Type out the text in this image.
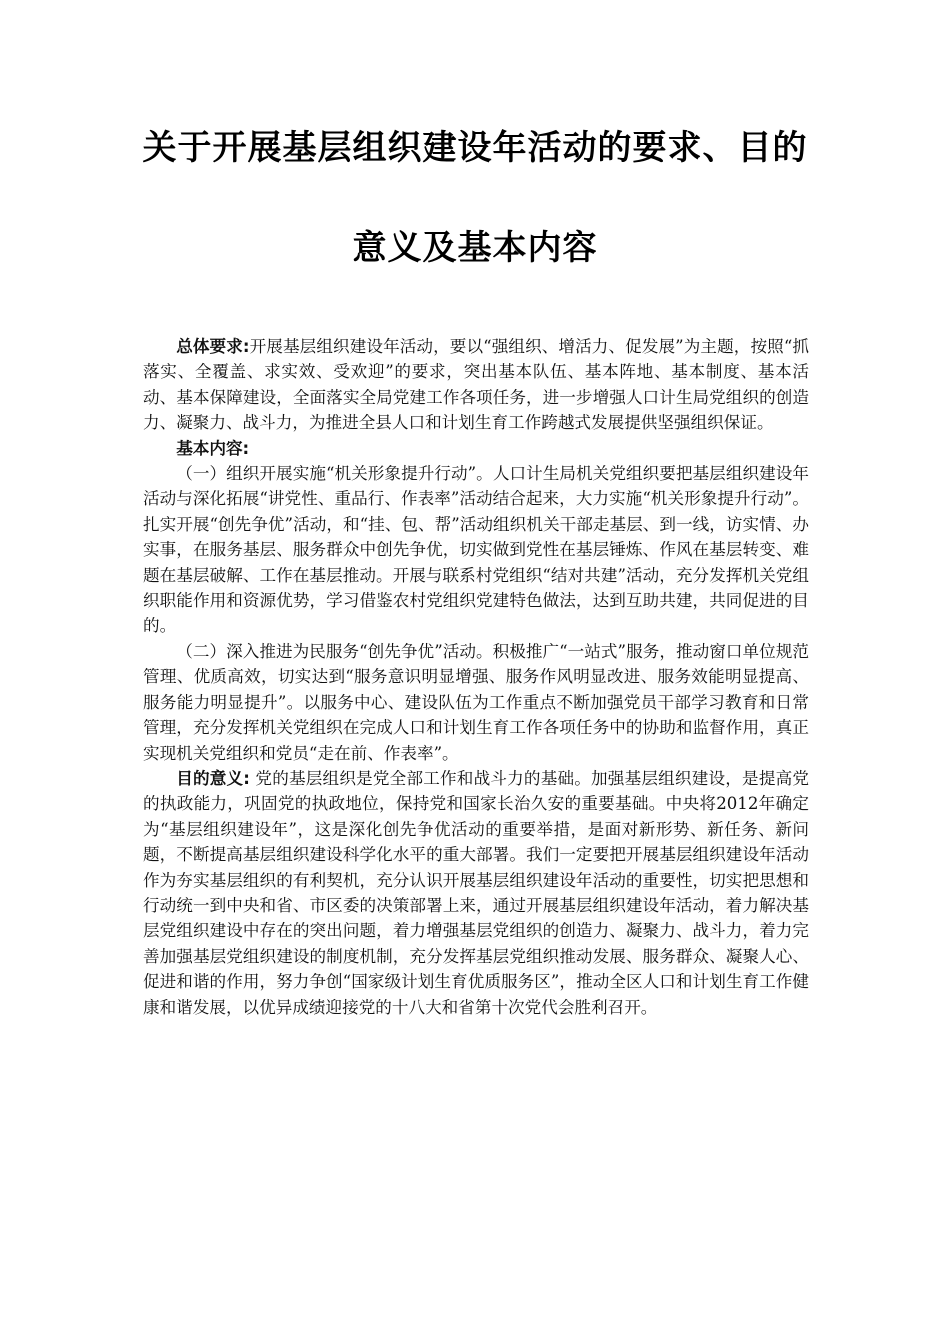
关于开展基层组织建设年活动的要求、目的
意义及基本内容

总体要求:开展基层组织建设年活动，要以“强组织、增活力、促发展”为主题，按照“抓落实、全覆盖、求实效、受欢迎”的要求，突出基本队伍、基本阵地、基本制度、基本活动、基本保障建设，全面落实全局党建工作各项任务，进一步增强人口计生局党组织的创造力、凝聚力、战斗力，为推进全县人口和计划生育工作跨越式发展提供坚强组织保证。

基本内容:

（一）组织开展实施“机关形象提升行动”。人口计生局机关党组织要把基层组织建设年活动与深化拓展“讲党性、重品行、作表率”活动结合起来，大力实施“机关形象提升行动”。扎实开展“创先争优”活动，和“挂、包、帮”活动组织机关干部走基层、到一线，访实情、办实事，在服务基层、服务群众中创先争优，切实做到党性在基层锤炼、作风在基层转变、难题在基层破解、工作在基层推动。开展与联系村党组织“结对共建”活动，充分发挥机关党组织职能作用和资源优势，学习借鉴农村党组织党建特色做法，达到互助共建，共同促进的目的。

（二）深入推进为民服务“创先争优”活动。积极推广“一站式”服务，推动窗口单位规范管理、优质高效，切实达到“服务意识明显增强、服务作风明显改进、服务效能明显提高、服务能力明显提升”。以服务中心、建设队伍为工作重点不断加强党员干部学习教育和日常管理，充分发挥机关党组织在完成人口和计划生育工作各项任务中的协助和监督作用，真正实现机关党组织和党员“走在前、作表率”。

目的意义: 党的基层组织是党全部工作和战斗力的基础。加强基层组织建设，是提高党的执政能力，巩固党的执政地位，保持党和国家长治久安的重要基础。中央将2012年确定为“基层组织建设年”，这是深化创先争优活动的重要举措，是面对新形势、新任务、新问题，不断提高基层组织建设科学化水平的重大部署。我们一定要把开展基层组织建设年活动作为夯实基层组织的有利契机，充分认识开展基层组织建设年活动的重要性，切实把思想和行动统一到中央和省、市区委的决策部署上来，通过开展基层组织建设年活动，着力解决基层党组织建设中存在的突出问题，着力增强基层党组织的创造力、凝聚力、战斗力，着力完善加强基层党组织建设的制度机制，充分发挥基层党组织推动发展、服务群众、凝聚人心、促进和谐的作用，努力争创“国家级计划生育优质服务区”，推动全区人口和计划生育工作健康和谐发展，以优异成绩迎接党的十八大和省第十次党代会胜利召开。
